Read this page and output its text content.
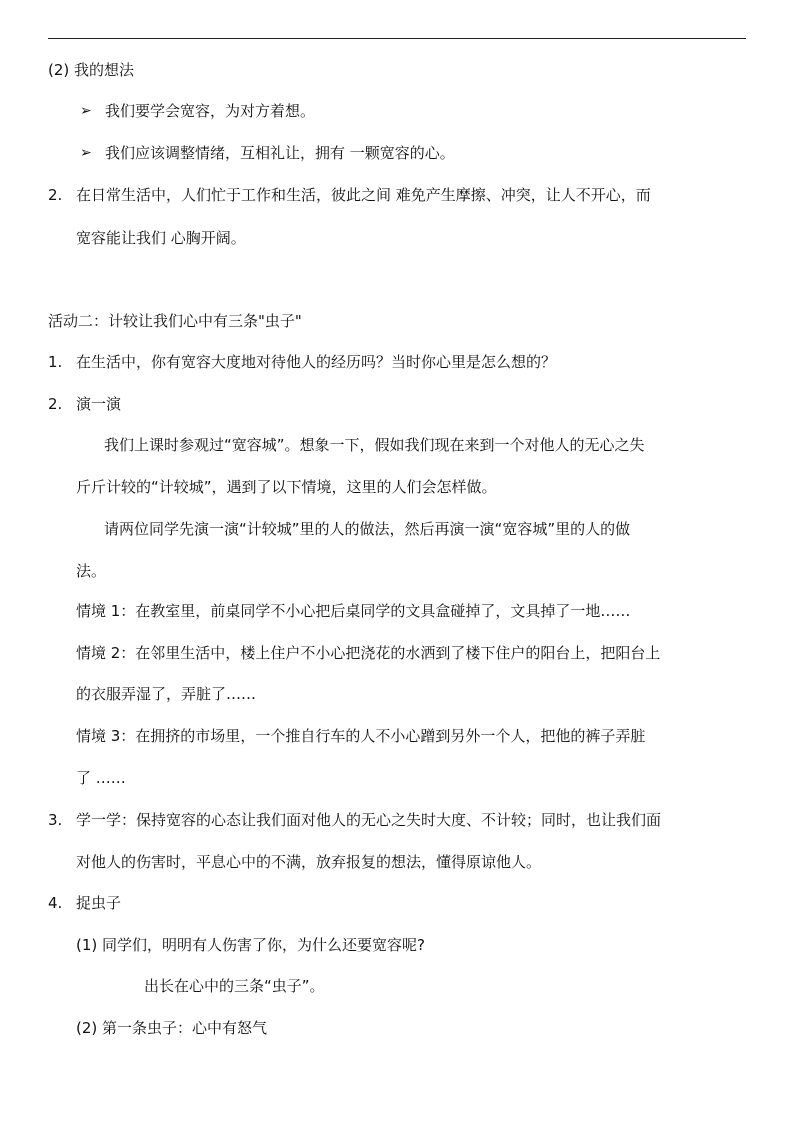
(2) 我的想法
➢ 我们要学会宽容，为对方着想。
➢ 我们应该调整情绪，互相礼让，拥有 一颗宽容的心。
2. 在日常生活中，人们忙于工作和生活，彼此之间 难免产生摩擦、冲突，让人不开心，而
宽容能让我们 心胸开阔。
活动二：计较让我们心中有三条"虫子"
1. 在生活中，你有宽容大度地对待他人的经历吗？当时你心里是怎么想的？
2. 演一演
我们上课时参观过“宽容城”。想象一下，假如我们现在来到一个对他人的无心之失
斤斤计较的“计较城”，遇到了以下情境，这里的人们会怎样做。
请两位同学先演一演“计较城”里的人的做法，然后再演一演“宽容城”里的人的做
法。
情境 1：在教室里，前桌同学不小心把后桌同学的文具盒碰掉了，文具掉了一地……
情境 2：在邻里生活中，楼上住户不小心把浇花的水洒到了楼下住户的阳台上，把阳台上
的衣服弄湿了，弄脏了……
情境 3：在拥挤的市场里，一个推自行车的人不小心蹭到另外一个人，把他的裤子弄脏
了 ……
3. 学一学：保持宽容的心态让我们面对他人的无心之失时大度、不计较；同时，也让我们面
对他人的伤害时，平息心中的不满，放弃报复的想法，懂得原谅他人。
4. 捉虫子
(1) 同学们，明明有人伤害了你，为什么还要宽容呢?
出长在心中的三条“虫子”。
(2) 第一条虫子：心中有怒气
